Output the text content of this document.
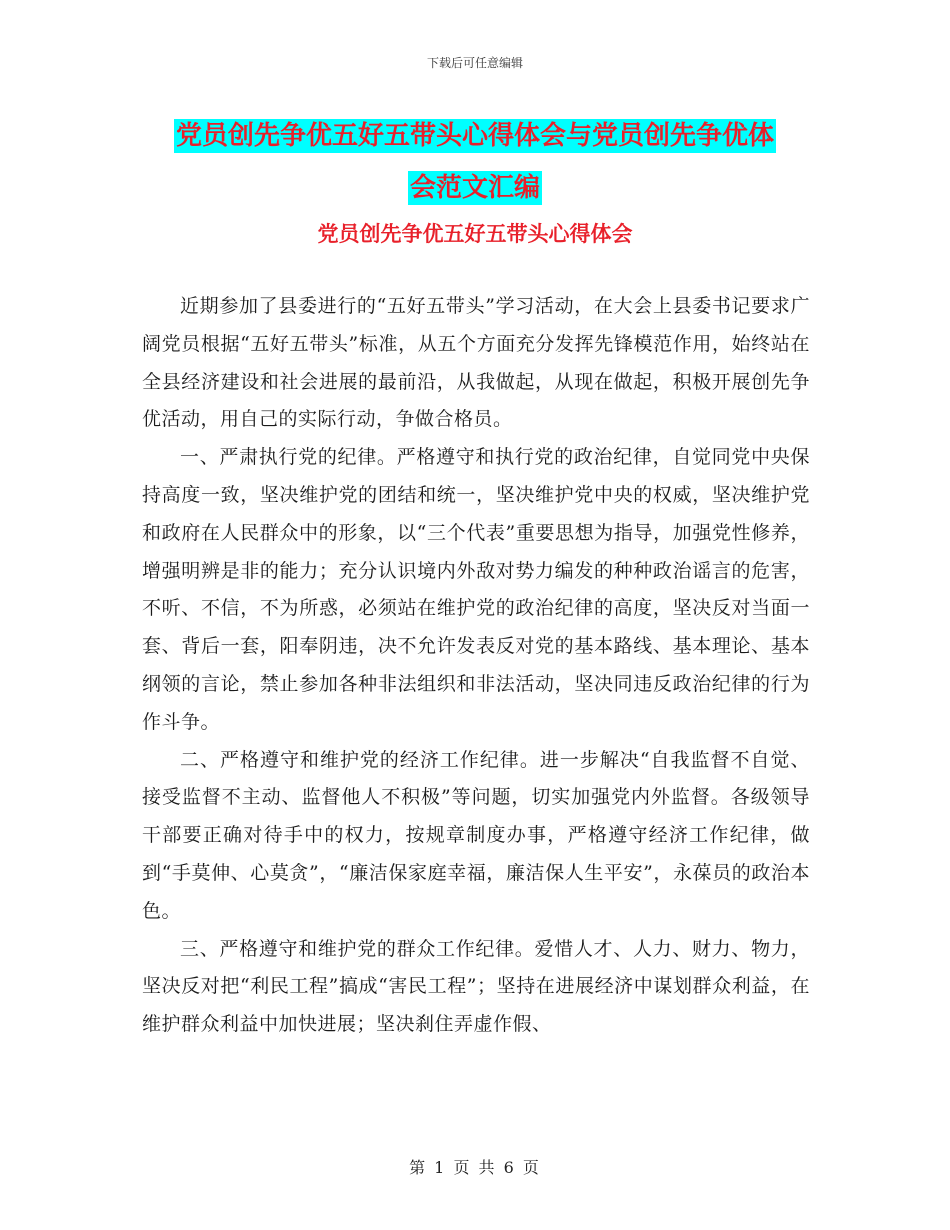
下载后可任意编辑
党员创先争优五好五带头心得体会与党员创先争优体
会范文汇编
党员创先争优五好五带头心得体会

近期参加了县委进行的“五好五带头”学习活动，在大会上县委书记要求广阔党员根据“五好五带头”标准，从五个方面充分发挥先锋模范作用，始终站在全县经济建设和社会进展的最前沿，从我做起，从现在做起，积极开展创先争优活动，用自己的实际行动，争做合格员。

一、严肃执行党的纪律。严格遵守和执行党的政治纪律，自觉同党中央保持高度一致，坚决维护党的团结和统一，坚决维护党中央的权威，坚决维护党和政府在人民群众中的形象，以“三个代表”重要思想为指导，加强党性修养，增强明辨是非的能力；充分认识境内外敌对势力编发的种种政治谣言的危害，不听、不信，不为所惑，必须站在维护党的政治纪律的高度，坚决反对当面一套、背后一套，阳奉阴违，决不允许发表反对党的基本路线、基本理论、基本纲领的言论，禁止参加各种非法组织和非法活动，坚决同违反政治纪律的行为作斗争。

二、严格遵守和维护党的经济工作纪律。进一步解决“自我监督不自觉、接受监督不主动、监督他人不积极”等问题，切实加强党内外监督。各级领导干部要正确对待手中的权力，按规章制度办事，严格遵守经济工作纪律，做到“手莫伸、心莫贪”，“廉洁保家庭幸福，廉洁保人生平安”，永葆员的政治本色。

三、严格遵守和维护党的群众工作纪律。爱惜人才、人力、财力、物力，坚决反对把“利民工程”搞成“害民工程”；坚持在进展经济中谋划群众利益，在维护群众利益中加快进展；坚决刹住弄虚作假、

第 1 页 共 6 页
